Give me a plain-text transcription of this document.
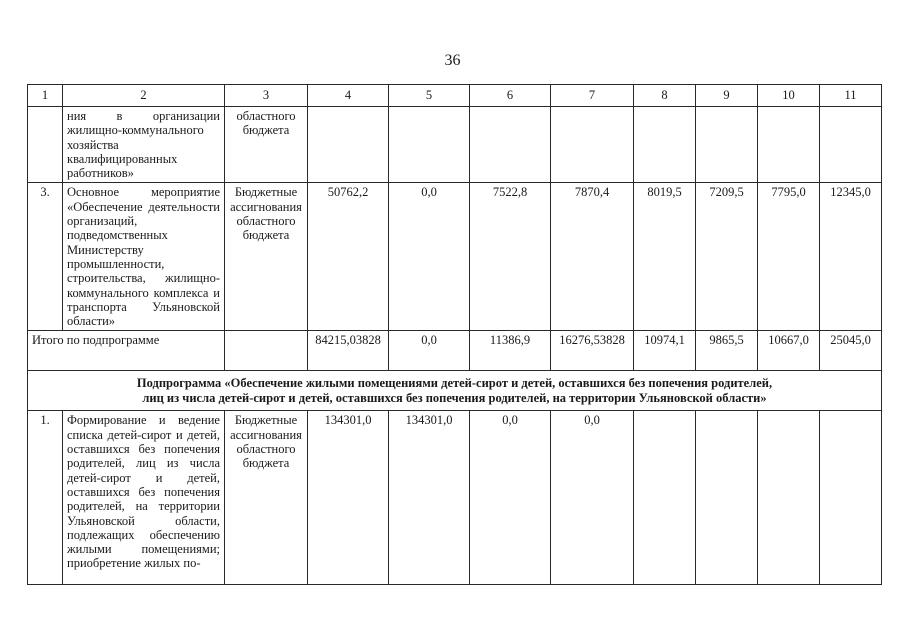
36
1	2	3	4	5	6	7	8	9	10	11
	ния в организации жилищно-коммунального хозяйства квалифицированных работников»	областного бюджета								
3.	Основное мероприятие «Обеспечение деятельности организаций, подведомственных Министерству промышленности, строительства, жилищно-коммунального комплекса и транспорта Ульяновской области»	Бюджетные ассигнования областного бюджета	50762,2	0,0	7522,8	7870,4	8019,5	7209,5	7795,0	12345,0
Итого по подпрограмме			84215,03828	0,0	11386,9	16276,53828	10974,1	9865,5	10667,0	25045,0

Подпрограмма «Обеспечение жилыми помещениями детей-сирот и детей, оставшихся без попечения родителей,
лиц из числа детей-сирот и детей, оставшихся без попечения родителей, на территории Ульяновской области»										

1.	Формирование и ведение списка детей-сирот и детей, оставшихся без попечения родителей, лиц из числа детей-сирот и детей, оставшихся без попечения родителей, на территории Ульяновской области, подлежащих обеспечению жилыми помещениями; приобретение жилых по-	Бюджетные ассигнования областного бюджета	134301,0	134301,0	0,0	0,0				
